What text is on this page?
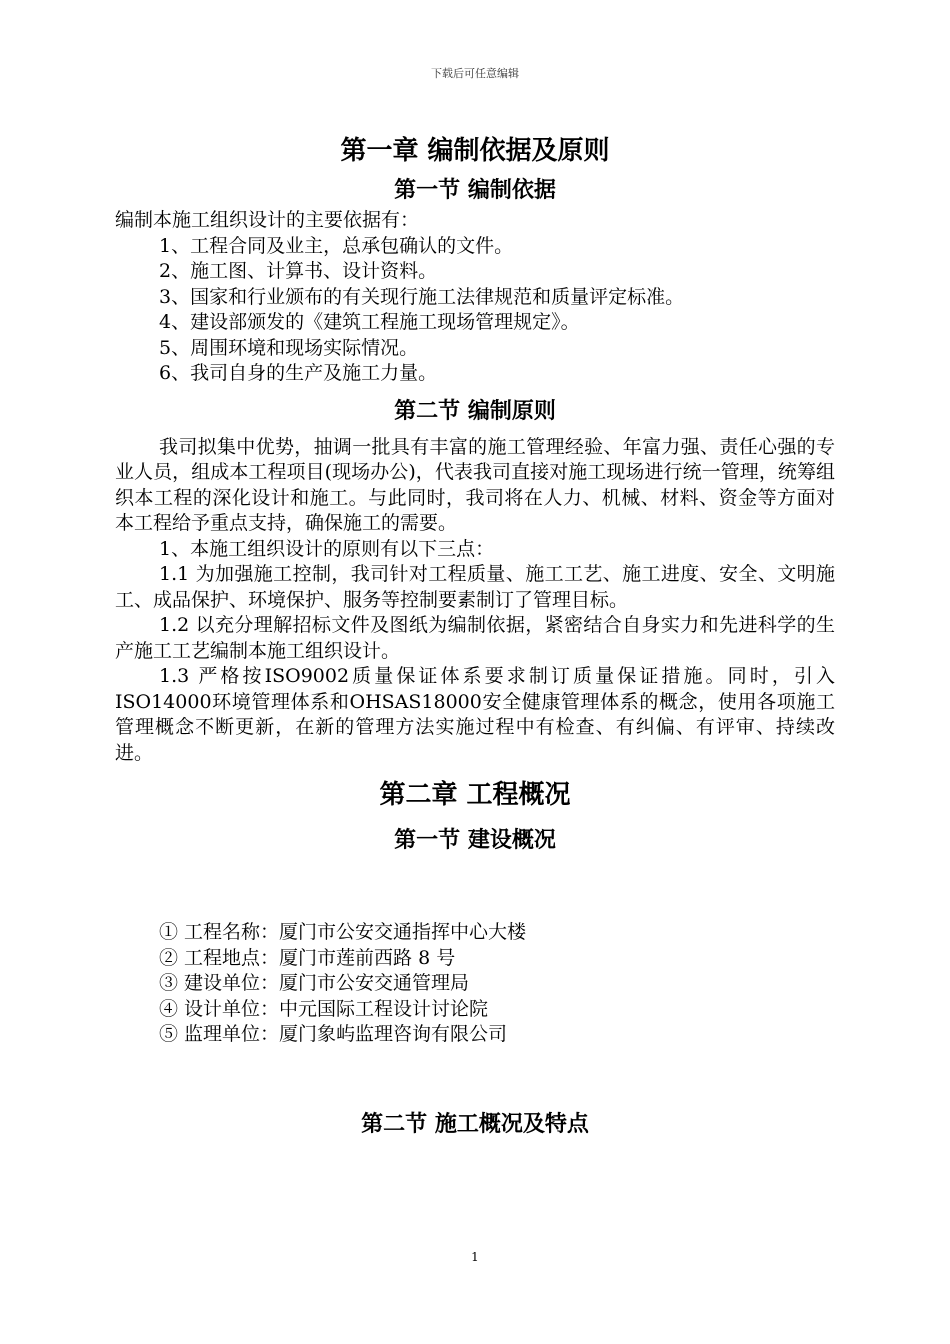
下载后可任意编辑
第一章 编制依据及原则
第一节 编制依据

编制本施工组织设计的主要依据有：

1、工程合同及业主，总承包确认的文件。

2、施工图、计算书、设计资料。

3、国家和行业颁布的有关现行施工法律规范和质量评定标准。

4、建设部颁发的《建筑工程施工现场管理规定》。

5、周围环境和现场实际情况。

6、我司自身的生产及施工力量。

第二节 编制原则

我司拟集中优势，抽调一批具有丰富的施工管理经验、年富力强、责任心强的专业人员，组成本工程项目(现场办公)，代表我司直接对施工现场进行统一管理，统筹组织本工程的深化设计和施工。与此同时，我司将在人力、机械、材料、资金等方面对本工程给予重点支持，确保施工的需要。

1、本施工组织设计的原则有以下三点：

1.1 为加强施工控制，我司针对工程质量、施工工艺、施工进度、安全、文明施工、成品保护、环境保护、服务等控制要素制订了管理目标。

1.2 以充分理解招标文件及图纸为编制依据，紧密结合自身实力和先进科学的生产施工工艺编制本施工组织设计。

1.3 严格按ISO9002质量保证体系要求制订质量保证措施。同时，引入ISO14000环境管理体系和OHSAS18000安全健康管理体系的概念，使用各项施工管理概念不断更新，在新的管理方法实施过程中有检查、有纠偏、有评审、持续改进。

第二章 工程概况
第一节 建设概况

① 工程名称：厦门市公安交通指挥中心大楼

② 工程地点：厦门市莲前西路 8 号

③ 建设单位：厦门市公安交通管理局

④ 设计单位：中元国际工程设计讨论院

⑤ 监理单位：厦门象屿监理咨询有限公司

第二节 施工概况及特点
1
